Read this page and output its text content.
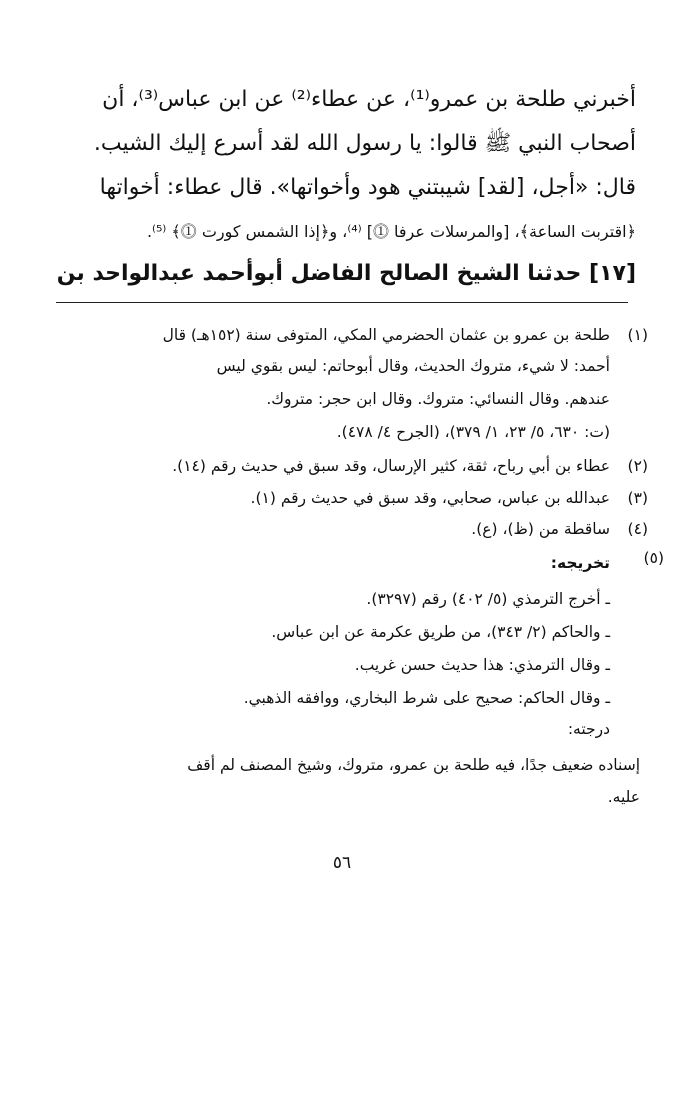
أخبرني طلحة بن عمرو⁽¹⁾، عن عطاء⁽²⁾ عن ابن عباس⁽³⁾، أن
أصحاب النبي ﷺ قالوا: يا رسول الله لقد أسرع إليك الشيب.
قال: «أجل، [لقد] شيبتني هود وأخواتها». قال عطاء: أخواتها
﴿اقتربت الساعة﴾، [والمرسلات عرفا ⓵] ⁽⁴⁾، و﴿إذا الشمس كورت ⓵﴾ ⁽⁵⁾.
[١٧] حدثنا الشيخ الصالح الفاضل أبوأحمد عبدالواحد بن
(١)
طلحة بن عمرو بن عثمان الحضرمي المكي، المتوفى سنة (١٥٢هـ) قال
أحمد: لا شيء، متروك الحديث، وقال أبوحاتم: ليس بقوي ليس
عندهم. وقال النسائي: متروك. وقال ابن حجر: متروك.
(ت: ٦٣٠، ٥/ ٢٣، ١/ ٣٧٩)، (الجرح ٤/ ٤٧٨).
(٢)
عطاء بن أبي رباح، ثقة، كثير الإرسال، وقد سبق في حديث رقم (١٤).
(٣)
عبدالله بن عباس، صحابي، وقد سبق في حديث رقم (١).
(٤)
ساقطة من (ظ)، (ع).
(٥)
تخريجه:
ـ أخرج الترمذي (٥/ ٤٠٢) رقم (٣٢٩٧).
ـ والحاكم (٢/ ٣٤٣)، من طريق عكرمة عن ابن عباس.
ـ وقال الترمذي: هذا حديث حسن غريب.
ـ وقال الحاكم: صحيح على شرط البخاري، ووافقه الذهبي.
درجته:
إسناده ضعيف جدًا، فيه طلحة بن عمرو، متروك، وشيخ المصنف لم أقف
عليه.
٥٦
